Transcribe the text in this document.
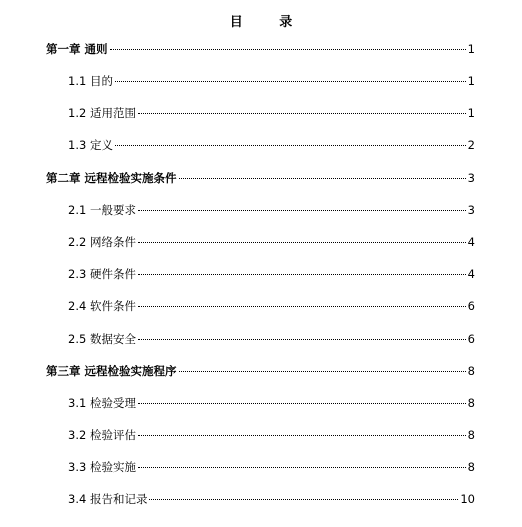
目 录
第一章 通则	1
1.1 目的	1
1.2 适用范围	1
1.3 定义	2
第二章 远程检验实施条件	3
2.1 一般要求	3
2.2 网络条件	4
2.3 硬件条件	4
2.4 软件条件	6
2.5 数据安全	6
第三章 远程检验实施程序	8
3.1 检验受理	8
3.2 检验评估	8
3.3 检验实施	8
3.4 报告和记录	10
